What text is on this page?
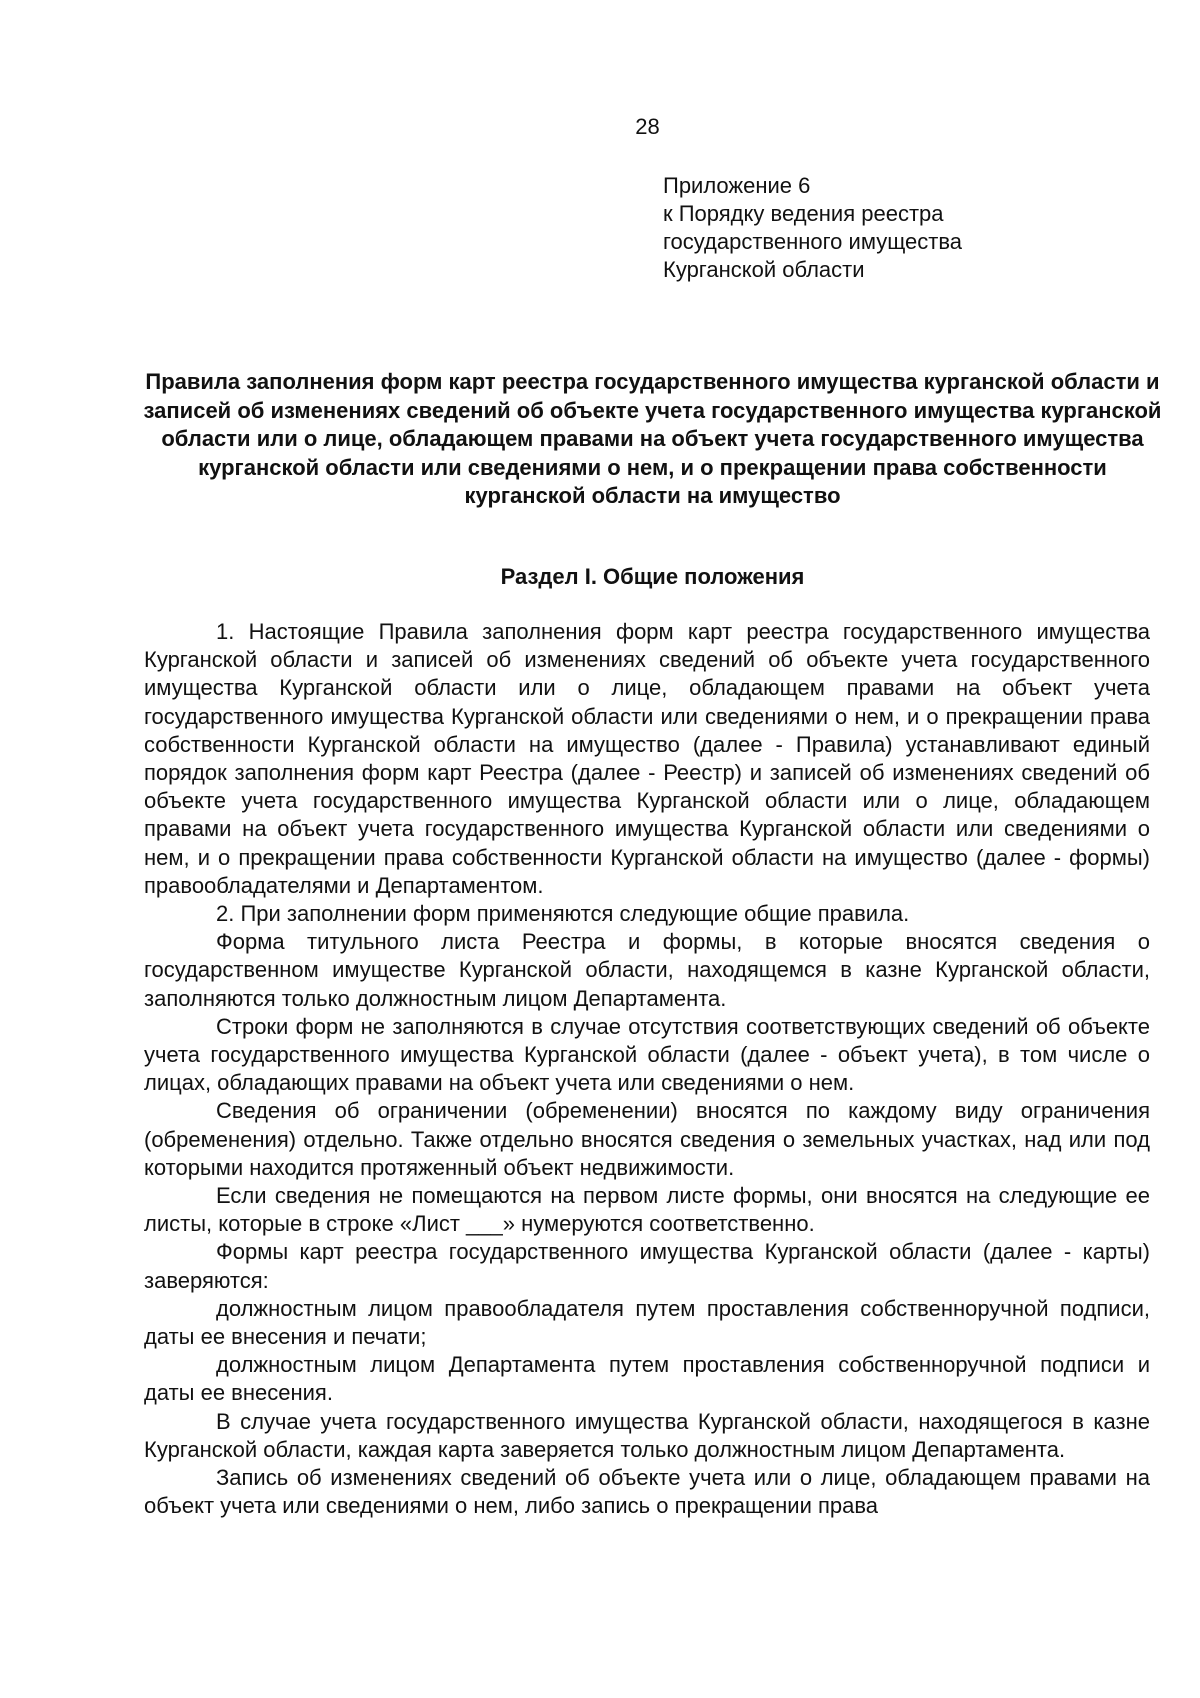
28
Приложение 6
к Порядку ведения реестра
государственного имущества
Курганской области
Правила заполнения форм карт реестра государственного имущества курганской области и записей об изменениях сведений об объекте учета государственного имущества курганской области или о лице, обладающем правами на объект учета государственного имущества курганской области или сведениями о нем, и о прекращении права собственности курганской области на имущество
Раздел I. Общие положения

1. Настоящие Правила заполнения форм карт реестра государственного имущества Курганской области и записей об изменениях сведений об объекте учета государственного имущества Курганской области или о лице, обладающем правами на объект учета государственного имущества Курганской области или сведениями о нем, и о прекращении права собственности Курганской области на имущество (далее - Правила) устанавливают единый порядок заполнения форм карт Реестра (далее - Реестр) и записей об изменениях сведений об объекте учета государственного имущества Курганской области или о лице, обладающем правами на объект учета государственного имущества Курганской области или сведениями о нем, и о прекращении права собственности Курганской области на имущество (далее - формы) правообладателями и Департаментом.

2. При заполнении форм применяются следующие общие правила.

Форма титульного листа Реестра и формы, в которые вносятся сведения о государственном имуществе Курганской области, находящемся в казне Курганской области, заполняются только должностным лицом Департамента.

Строки форм не заполняются в случае отсутствия соответствующих сведений об объекте учета государственного имущества Курганской области (далее - объект учета), в том числе о лицах, обладающих правами на объект учета или сведениями о нем.

Сведения об ограничении (обременении) вносятся по каждому виду ограничения (обременения) отдельно. Также отдельно вносятся сведения о земельных участках, над или под которыми находится протяженный объект недвижимости.

Если сведения не помещаются на первом листе формы, они вносятся на следующие ее листы, которые в строке «Лист ___» нумеруются соответственно.

Формы карт реестра государственного имущества Курганской области (далее - карты) заверяются:

должностным лицом правообладателя путем проставления собственноручной подписи, даты ее внесения и печати;

должностным лицом Департамента путем проставления собственноручной подписи и даты ее внесения.

В случае учета государственного имущества Курганской области, находящегося в казне Курганской области, каждая карта заверяется только должностным лицом Департамента.

Запись об изменениях сведений об объекте учета или о лице, обладающем правами на объект учета или сведениями о нем, либо запись о прекращении права
